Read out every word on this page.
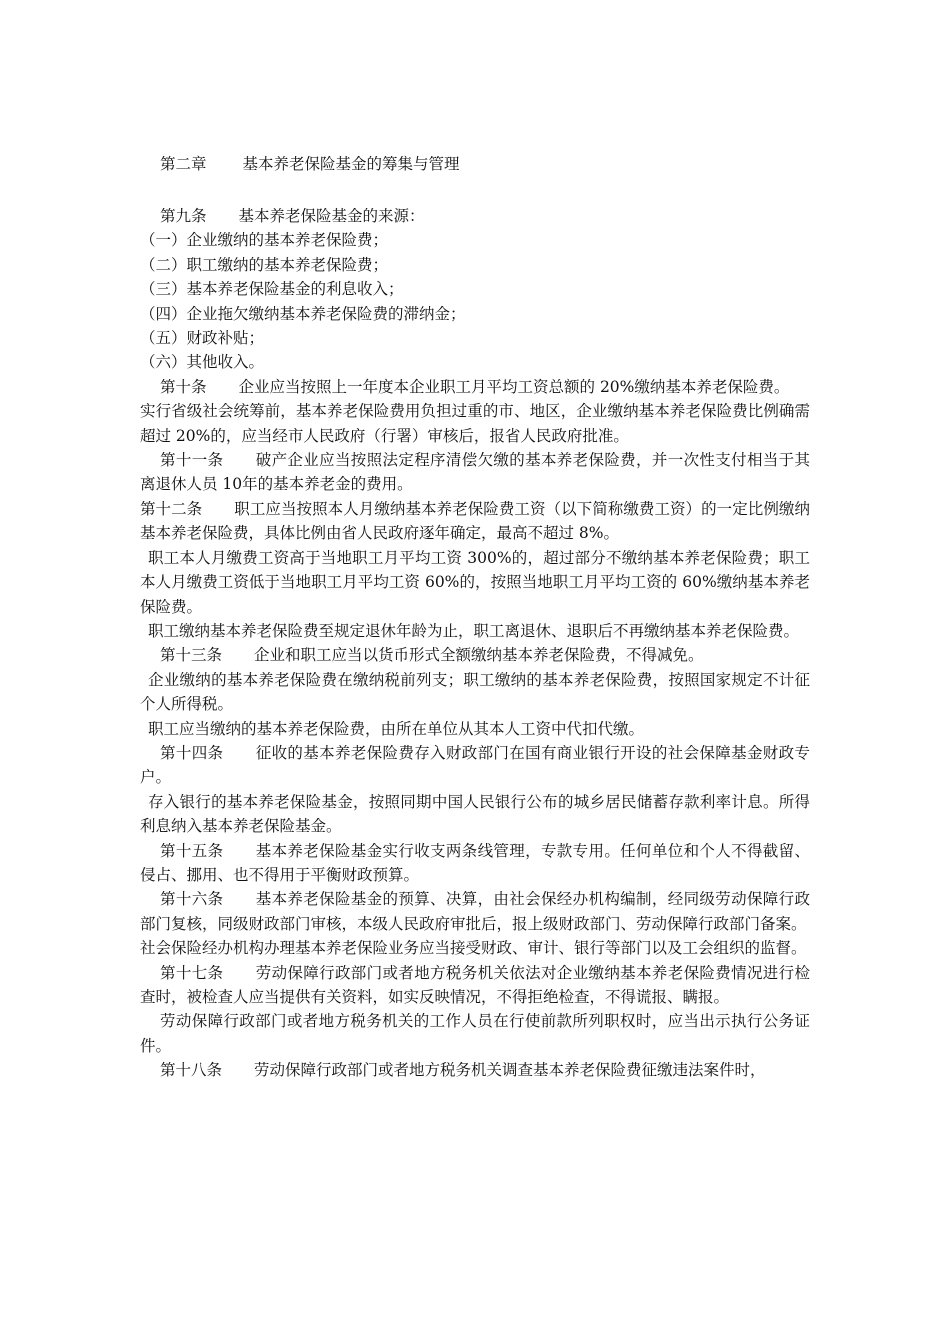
第二章 基本养老保险基金的筹集与管理

第九条 基本养老保险基金的来源：

（一）企业缴纳的基本养老保险费；

（二）职工缴纳的基本养老保险费；

（三）基本养老保险基金的利息收入；

（四）企业拖欠缴纳基本养老保险费的滞纳金；

（五）财政补贴；

（六）其他收入。

第十条 企业应当按照上一年度本企业职工月平均工资总额的 20%缴纳基本养老保险费。

实行省级社会统筹前，基本养老保险费用负担过重的市、地区，企业缴纳基本养老保险费比例确需超过 20%的，应当经市人民政府（行署）审核后，报省人民政府批准。

第十一条 破产企业应当按照法定程序清偿欠缴的基本养老保险费，并一次性支付相当于其离退休人员 10年的基本养老金的费用。

第十二条 职工应当按照本人月缴纳基本养老保险费工资（以下简称缴费工资）的一定比例缴纳基本养老保险费，具体比例由省人民政府逐年确定，最高不超过 8%。

职工本人月缴费工资高于当地职工月平均工资 300%的，超过部分不缴纳基本养老保险费；职工本人月缴费工资低于当地职工月平均工资 60%的，按照当地职工月平均工资的 60%缴纳基本养老保险费。

职工缴纳基本养老保险费至规定退休年龄为止，职工离退休、退职后不再缴纳基本养老保险费。

第十三条 企业和职工应当以货币形式全额缴纳基本养老保险费，不得减免。

企业缴纳的基本养老保险费在缴纳税前列支；职工缴纳的基本养老保险费，按照国家规定不计征个人所得税。

职工应当缴纳的基本养老保险费，由所在单位从其本人工资中代扣代缴。

第十四条 征收的基本养老保险费存入财政部门在国有商业银行开设的社会保障基金财政专户。

存入银行的基本养老保险基金，按照同期中国人民银行公布的城乡居民储蓄存款利率计息。所得利息纳入基本养老保险基金。

第十五条 基本养老保险基金实行收支两条线管理，专款专用。任何单位和个人不得截留、侵占、挪用、也不得用于平衡财政预算。

第十六条 基本养老保险基金的预算、决算，由社会保经办机构编制，经同级劳动保障行政部门复核，同级财政部门审核，本级人民政府审批后，报上级财政部门、劳动保障行政部门备案。

社会保险经办机构办理基本养老保险业务应当接受财政、审计、银行等部门以及工会组织的监督。

第十七条 劳动保障行政部门或者地方税务机关依法对企业缴纳基本养老保险费情况进行检查时，被检查人应当提供有关资料，如实反映情况，不得拒绝检查，不得谎报、瞒报。

劳动保障行政部门或者地方税务机关的工作人员在行使前款所列职权时，应当出示执行公务证件。

第十八条 劳动保障行政部门或者地方税务机关调查基本养老保险费征缴违法案件时，
